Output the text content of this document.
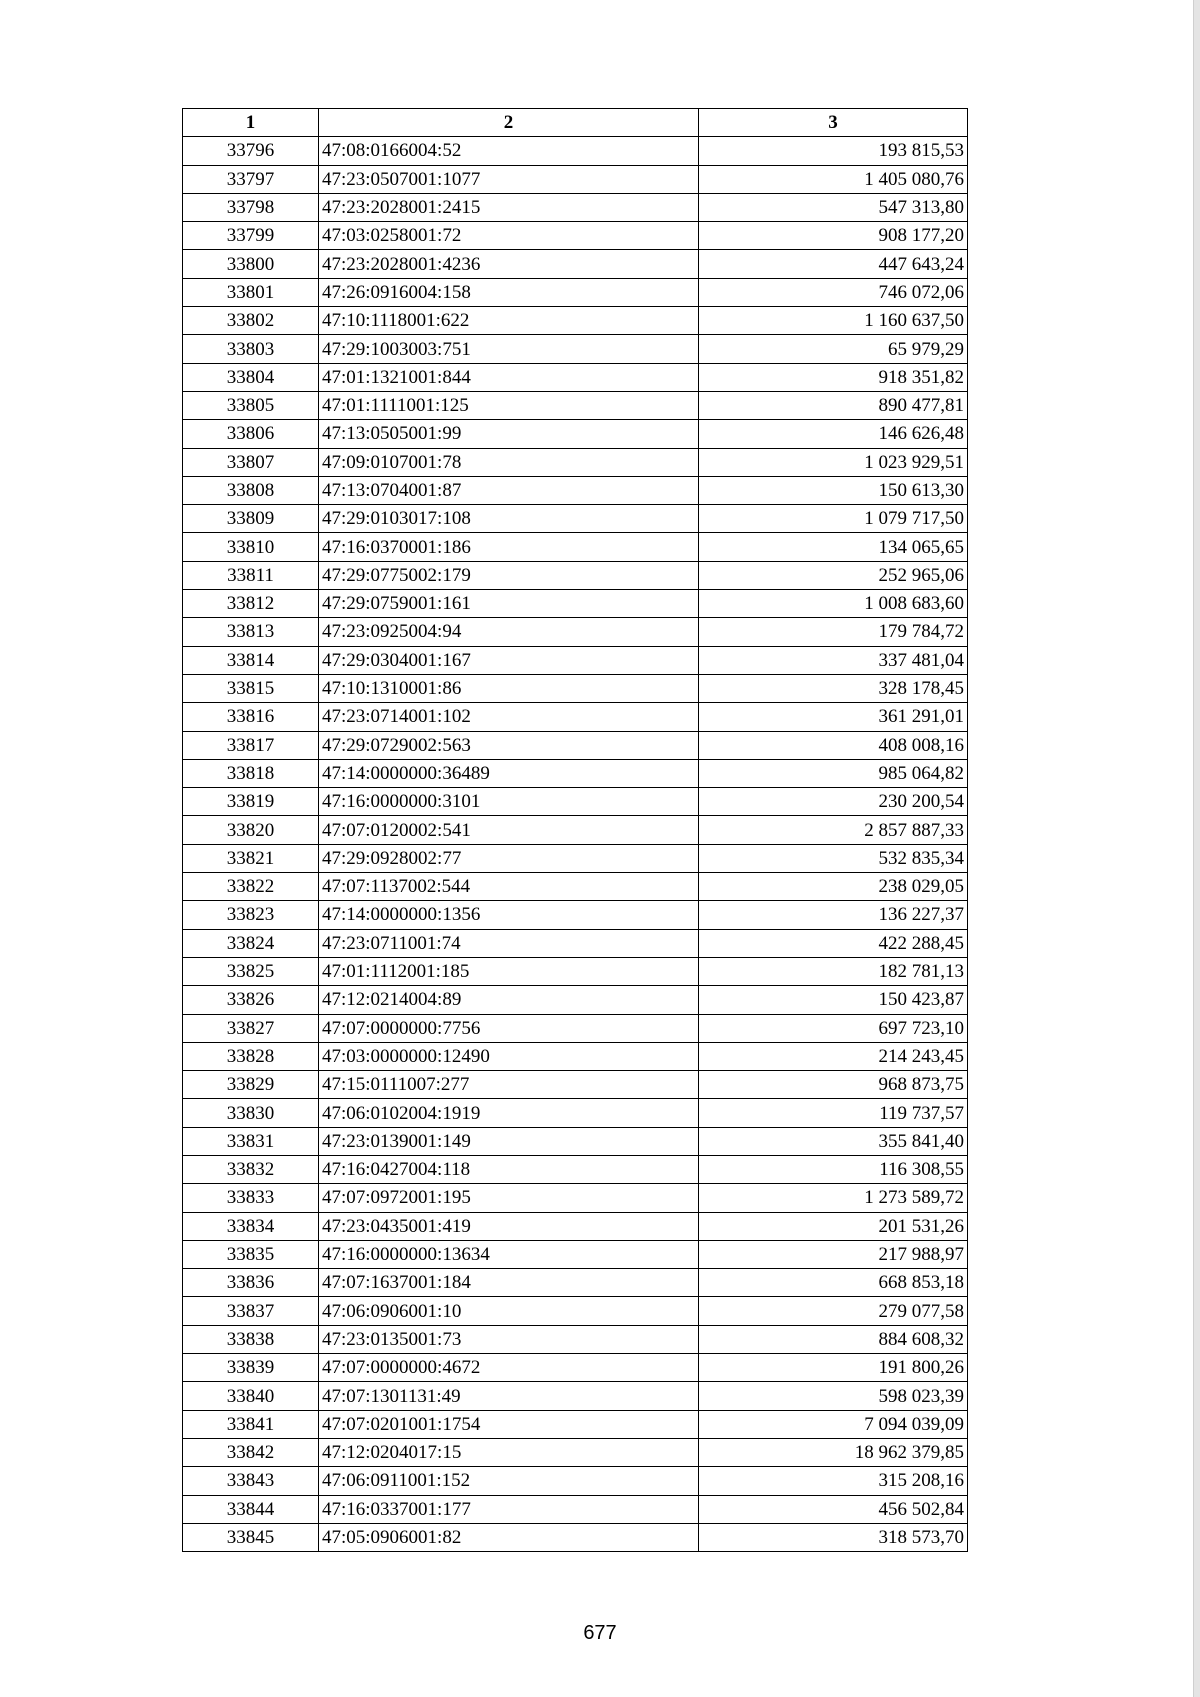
1	2	3
33796	47:08:0166004:52	193 815,53
33797	47:23:0507001:1077	1 405 080,76
33798	47:23:2028001:2415	547 313,80
33799	47:03:0258001:72	908 177,20
33800	47:23:2028001:4236	447 643,24
33801	47:26:0916004:158	746 072,06
33802	47:10:1118001:622	1 160 637,50
33803	47:29:1003003:751	65 979,29
33804	47:01:1321001:844	918 351,82
33805	47:01:1111001:125	890 477,81
33806	47:13:0505001:99	146 626,48
33807	47:09:0107001:78	1 023 929,51
33808	47:13:0704001:87	150 613,30
33809	47:29:0103017:108	1 079 717,50
33810	47:16:0370001:186	134 065,65
33811	47:29:0775002:179	252 965,06
33812	47:29:0759001:161	1 008 683,60
33813	47:23:0925004:94	179 784,72
33814	47:29:0304001:167	337 481,04
33815	47:10:1310001:86	328 178,45
33816	47:23:0714001:102	361 291,01
33817	47:29:0729002:563	408 008,16
33818	47:14:0000000:36489	985 064,82
33819	47:16:0000000:3101	230 200,54
33820	47:07:0120002:541	2 857 887,33
33821	47:29:0928002:77	532 835,34
33822	47:07:1137002:544	238 029,05
33823	47:14:0000000:1356	136 227,37
33824	47:23:0711001:74	422 288,45
33825	47:01:1112001:185	182 781,13
33826	47:12:0214004:89	150 423,87
33827	47:07:0000000:7756	697 723,10
33828	47:03:0000000:12490	214 243,45
33829	47:15:0111007:277	968 873,75
33830	47:06:0102004:1919	119 737,57
33831	47:23:0139001:149	355 841,40
33832	47:16:0427004:118	116 308,55
33833	47:07:0972001:195	1 273 589,72
33834	47:23:0435001:419	201 531,26
33835	47:16:0000000:13634	217 988,97
33836	47:07:1637001:184	668 853,18
33837	47:06:0906001:10	279 077,58
33838	47:23:0135001:73	884 608,32
33839	47:07:0000000:4672	191 800,26
33840	47:07:1301131:49	598 023,39
33841	47:07:0201001:1754	7 094 039,09
33842	47:12:0204017:15	18 962 379,85
33843	47:06:0911001:152	315 208,16
33844	47:16:0337001:177	456 502,84
33845	47:05:0906001:82	318 573,70
677
